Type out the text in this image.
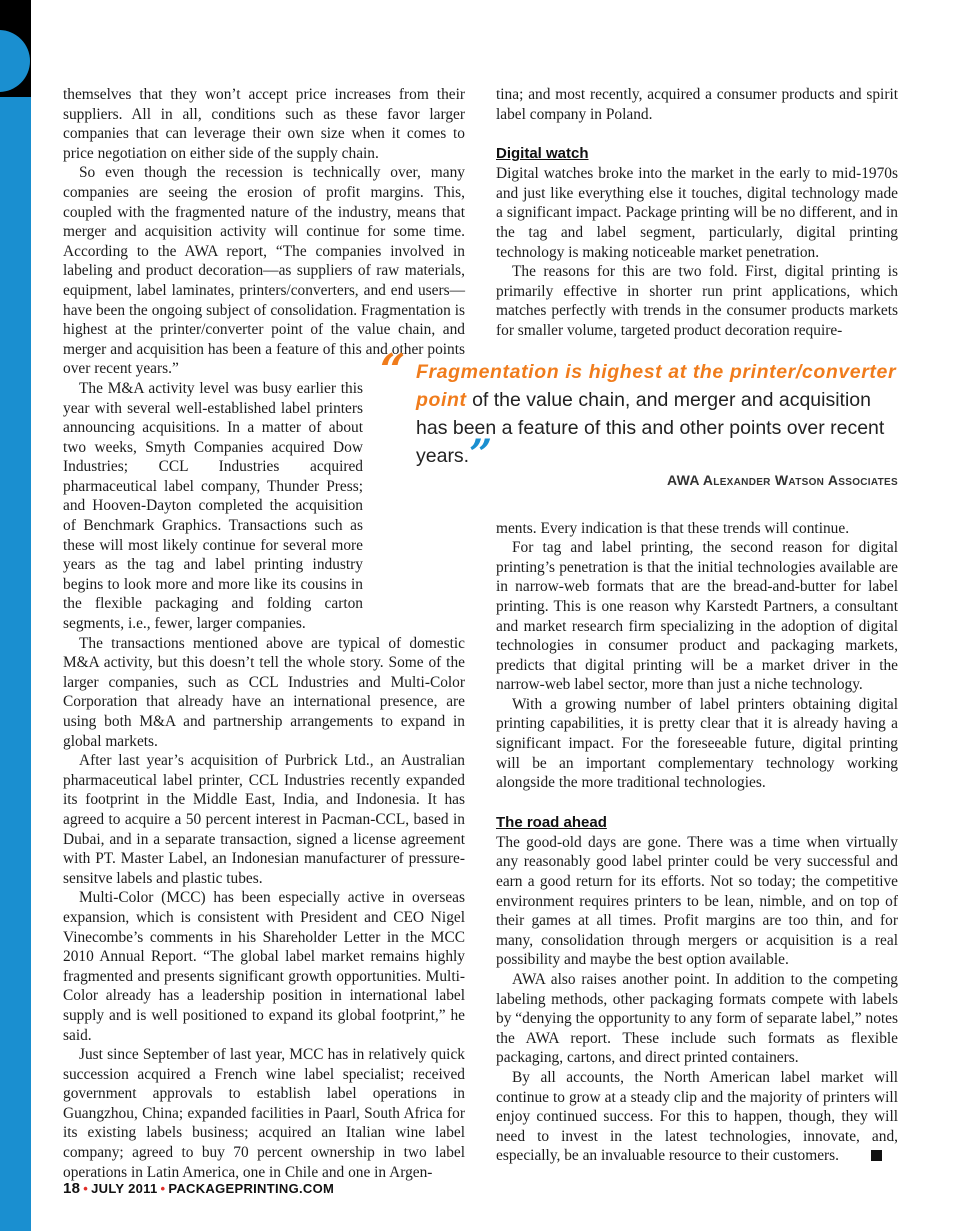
themselves that they won’t accept price increases from their suppliers. All in all, conditions such as these favor larger companies that can leverage their own size when it comes to price negotiation on either side of the supply chain.

So even though the recession is technically over, many companies are seeing the erosion of profit margins. This, coupled with the fragmented nature of the industry, means that merger and acquisition activity will continue for some time. According to the AWA report, “The companies involved in labeling and product decoration—as suppliers of raw materials, equipment, label laminates, printers/converters, and end users—have been the ongoing subject of consolidation. Fragmentation is highest at the printer/converter point of the value chain, and merger and acquisition has been a feature of this and other points over recent years.”

The M&A activity level was busy earlier this year with several well-established label printers announcing acquisitions. In a matter of about two weeks, Smyth Companies acquired Dow Industries; CCL Industries acquired pharmaceutical label company, Thunder Press; and Hooven-Dayton completed the acquisition of Benchmark Graphics. Transactions such as these will most likely continue for several more years as the tag and label printing industry begins to look more and more like its cousins in the flexible packaging and folding carton segments, i.e., fewer, larger companies.

The transactions mentioned above are typical of domestic M&A activity, but this doesn’t tell the whole story. Some of the larger companies, such as CCL Industries and Multi-Color Corporation that already have an international presence, are using both M&A and partnership arrangements to expand in global markets.

After last year’s acquisition of Purbrick Ltd., an Australian pharmaceutical label printer, CCL Industries recently expanded its footprint in the Middle East, India, and Indonesia. It has agreed to acquire a 50 percent interest in Pacman-CCL, based in Dubai, and in a separate transaction, signed a license agreement with PT. Master Label, an Indonesian manufacturer of pressure-sensitve labels and plastic tubes.

Multi-Color (MCC) has been especially active in overseas expansion, which is consistent with President and CEO Nigel Vinecombe’s comments in his Shareholder Letter in the MCC 2010 Annual Report. “The global label market remains highly fragmented and presents significant growth opportunities. Multi-Color already has a leadership position in international label supply and is well positioned to expand its global footprint,” he said.

Just since September of last year, MCC has in relatively quick succession acquired a French wine label specialist; received government approvals to establish label operations in Guangzhou, China; expanded facilities in Paarl, South Africa for its existing labels business; acquired an Italian wine label company; agreed to buy 70 percent ownership in two label operations in Latin America, one in Chile and one in Argen-

tina; and most recently, acquired a consumer products and spirit label company in Poland.

Digital watch

Digital watches broke into the market in the early to mid-1970s and just like everything else it touches, digital technology made a significant impact. Package printing will be no different, and in the tag and label segment, particularly, digital printing technology is making noticeable market penetration.

The reasons for this are two fold. First, digital printing is primarily effective in shorter run print applications, which matches perfectly with trends in the consumer products markets for smaller volume, targeted product decoration require-

ments. Every indication is that these trends will continue.

For tag and label printing, the second reason for digital printing’s penetration is that the initial technologies available are in narrow-web formats that are the bread-and-butter for label printing. This is one reason why Karstedt Partners, a consultant and market research firm specializing in the adoption of digital technologies in consumer product and packaging markets, predicts that digital printing will be a market driver in the narrow-web label sector, more than just a niche technology.

With a growing number of label printers obtaining digital printing capabilities, it is pretty clear that it is already having a significant impact. For the foreseeable future, digital printing will be an important complementary technology working alongside the more traditional technologies.

The road ahead

The good-old days are gone. There was a time when virtually any reasonably good label printer could be very successful and earn a good return for its efforts. Not so today; the competitive environment requires printers to be lean, nimble, and on top of their games at all times. Profit margins are too thin, and for many, consolidation through mergers or acquisition is a real possibility and maybe the best option available.

AWA also raises another point. In addition to the competing labeling methods, other packaging formats compete with labels by “denying the opportunity to any form of separate label,” notes the AWA report. These include such formats as flexible packaging, cartons, and direct printed containers.

By all accounts, the North American label market will continue to grow at a steady clip and the majority of printers will enjoy continued success. For this to happen, though, they will need to invest in the latest technologies, innovate, and, especially, be an invaluable resource to their customers.

“ Fragmentation is highest at the printer/converter point of the value chain, and merger and acquisition has been a feature of this and other points over recent years.”
AWA Alexander Watson Associates
18 • JULY 2011 • PACKAGEPRINTING.COM
